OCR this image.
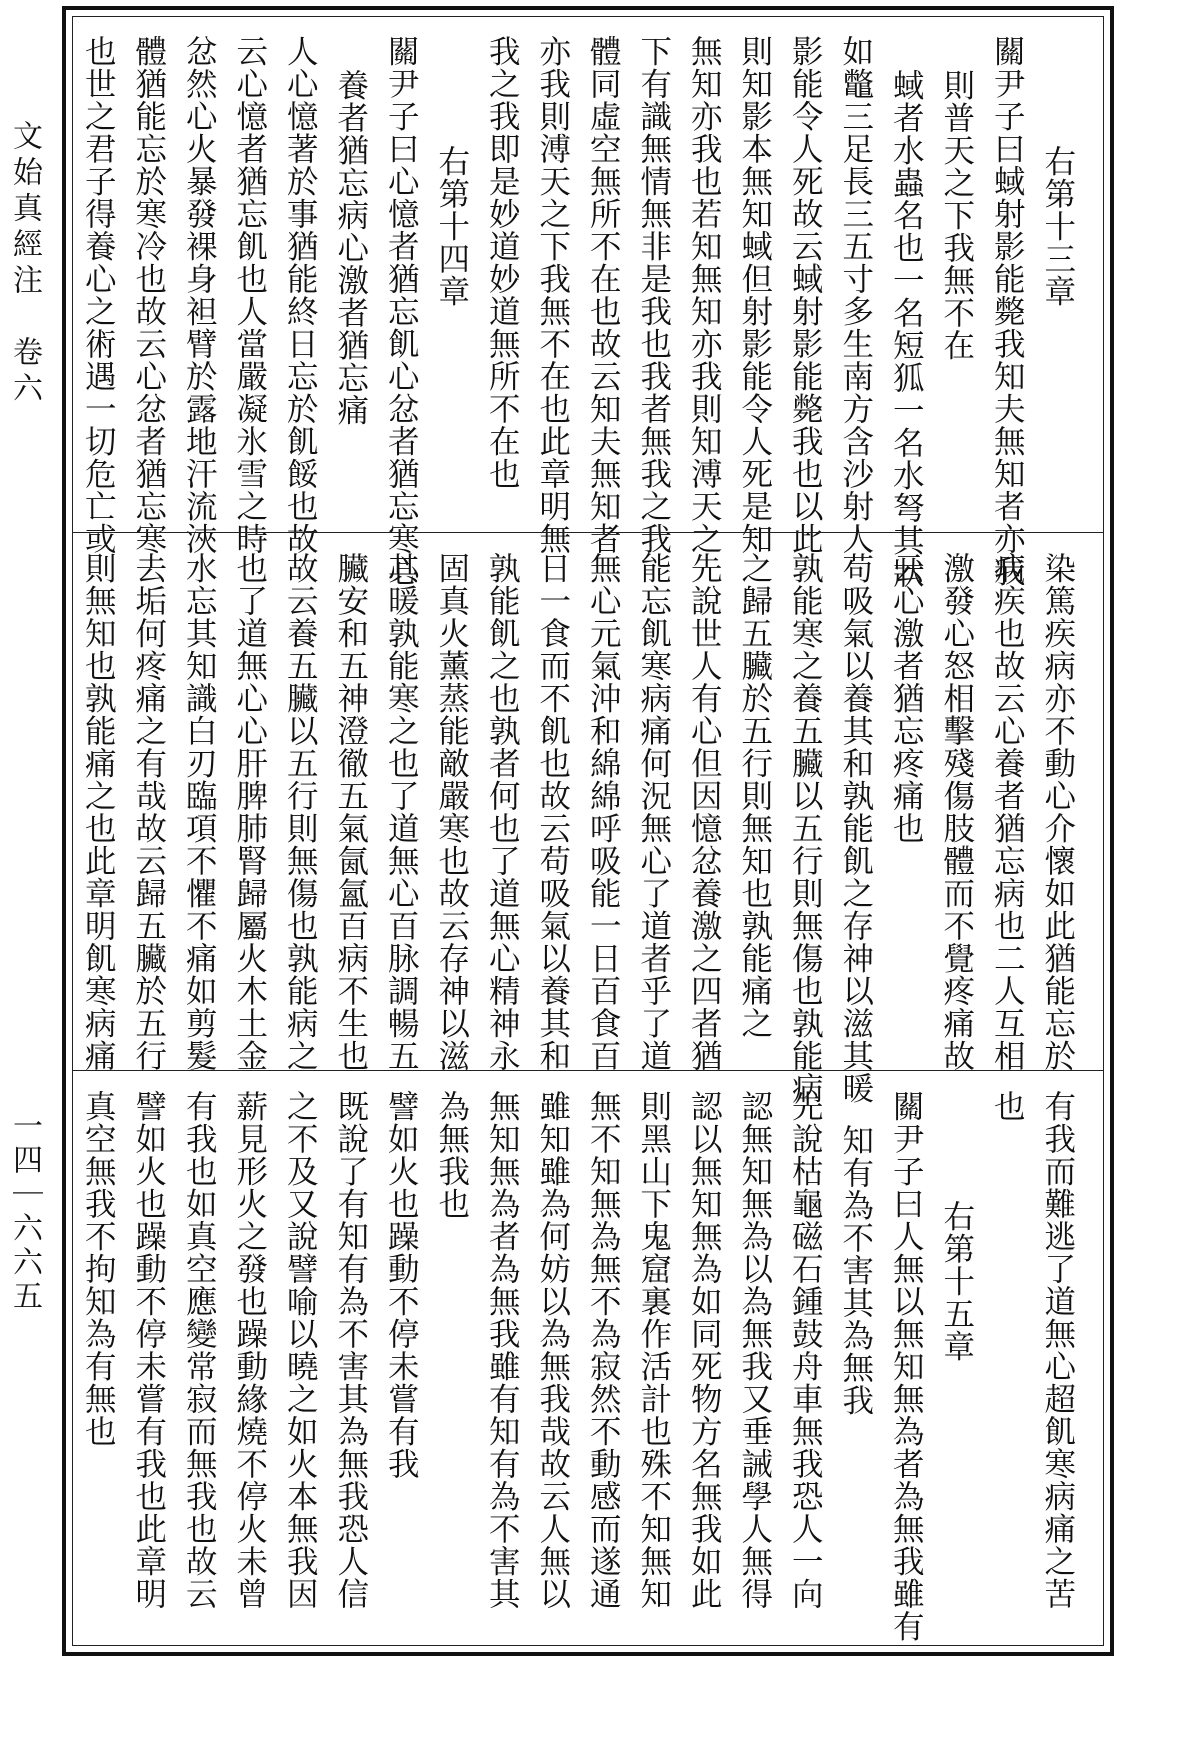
文始真經注　卷六
一四｜六六五
右第十三章
關尹子曰蜮射影能斃我知夫無知者亦我
則普天之下我無不在
蜮者水蟲名也一名短狐一名水弩其狀
如鼈三足長三五寸多生南方含沙射人
影能令人死故云蜮射影能斃我也以此
則知影本無知蜮但射影能令人死是知
無知亦我也若知無知亦我則知溥天之
下有識無情無非是我也我者無我之我
體同虛空無所不在也故云知夫無知者
亦我則溥天之下我無不在也此章明無
我之我即是妙道妙道無所不在也
右第十四章
關尹子曰心憶者猶忘飢心忿者猶忘寒心
養者猶忘病心激者猶忘痛
人心憶著於事猶能終日忘於飢餒也故
云心憶者猶忘飢也人當嚴凝氷雪之時
忿然心火暴發裸身袒臂於露地汗流浹
體猶能忘於寒冷也故云心忿者猶忘寒
也世之君子得養心之術遇一切危亡或
染篤疾病亦不動心介懷如此猶能忘於
病疾也故云心養者猶忘病也二人互相
激發心怒相擊殘傷肢體而不覺疼痛故
云心激者猶忘疼痛也
苟吸氣以養其和孰能飢之存神以滋其暖
孰能寒之養五臟以五行則無傷也孰能病
之歸五臟於五行則無知也孰能痛之
先說世人有心但因憶忿養激之四者猶
能忘飢寒病痛何況無心了道者乎了道
無心元氣沖和綿綿呼吸能一日百食百
日一食而不飢也故云苟吸氣以養其和
孰能飢之也孰者何也了道無心精神永
固真火薰蒸能敵嚴寒也故云存神以滋
其暖孰能寒之也了道無心百脉調暢五
臟安和五神澄徹五氣氤氳百病不生也
故云養五臟以五行則無傷也孰能病之
也了道無心心肝脾肺腎歸屬火木土金
水忘其知識白刃臨項不懼不痛如剪髮
去垢何疼痛之有哉故云歸五臟於五行
則無知也孰能痛之也此章明飢寒病痛
有我而難逃了道無心超飢寒病痛之苦
也
右第十五章
關尹子曰人無以無知無為者為無我雖有
知有為不害其為無我
先說枯龜磁石鍾鼓舟車無我恐人一向
認無知無為以為無我又垂誡學人無得
認以無知無為如同死物方名無我如此
則黑山下鬼窟裏作活計也殊不知無知
無不知無為無不為寂然不動感而遂通
雖知雖為何妨以為無我哉故云人無以
無知無為者為無我雖有知有為不害其
為無我也
譬如火也躁動不停未嘗有我
既說了有知有為不害其為無我恐人信
之不及又說譬喻以曉之如火本無我因
薪見形火之發也躁動緣燒不停火未曾
有我也如真空應變常寂而無我也故云
譬如火也躁動不停未嘗有我也此章明
真空無我不拘知為有無也
